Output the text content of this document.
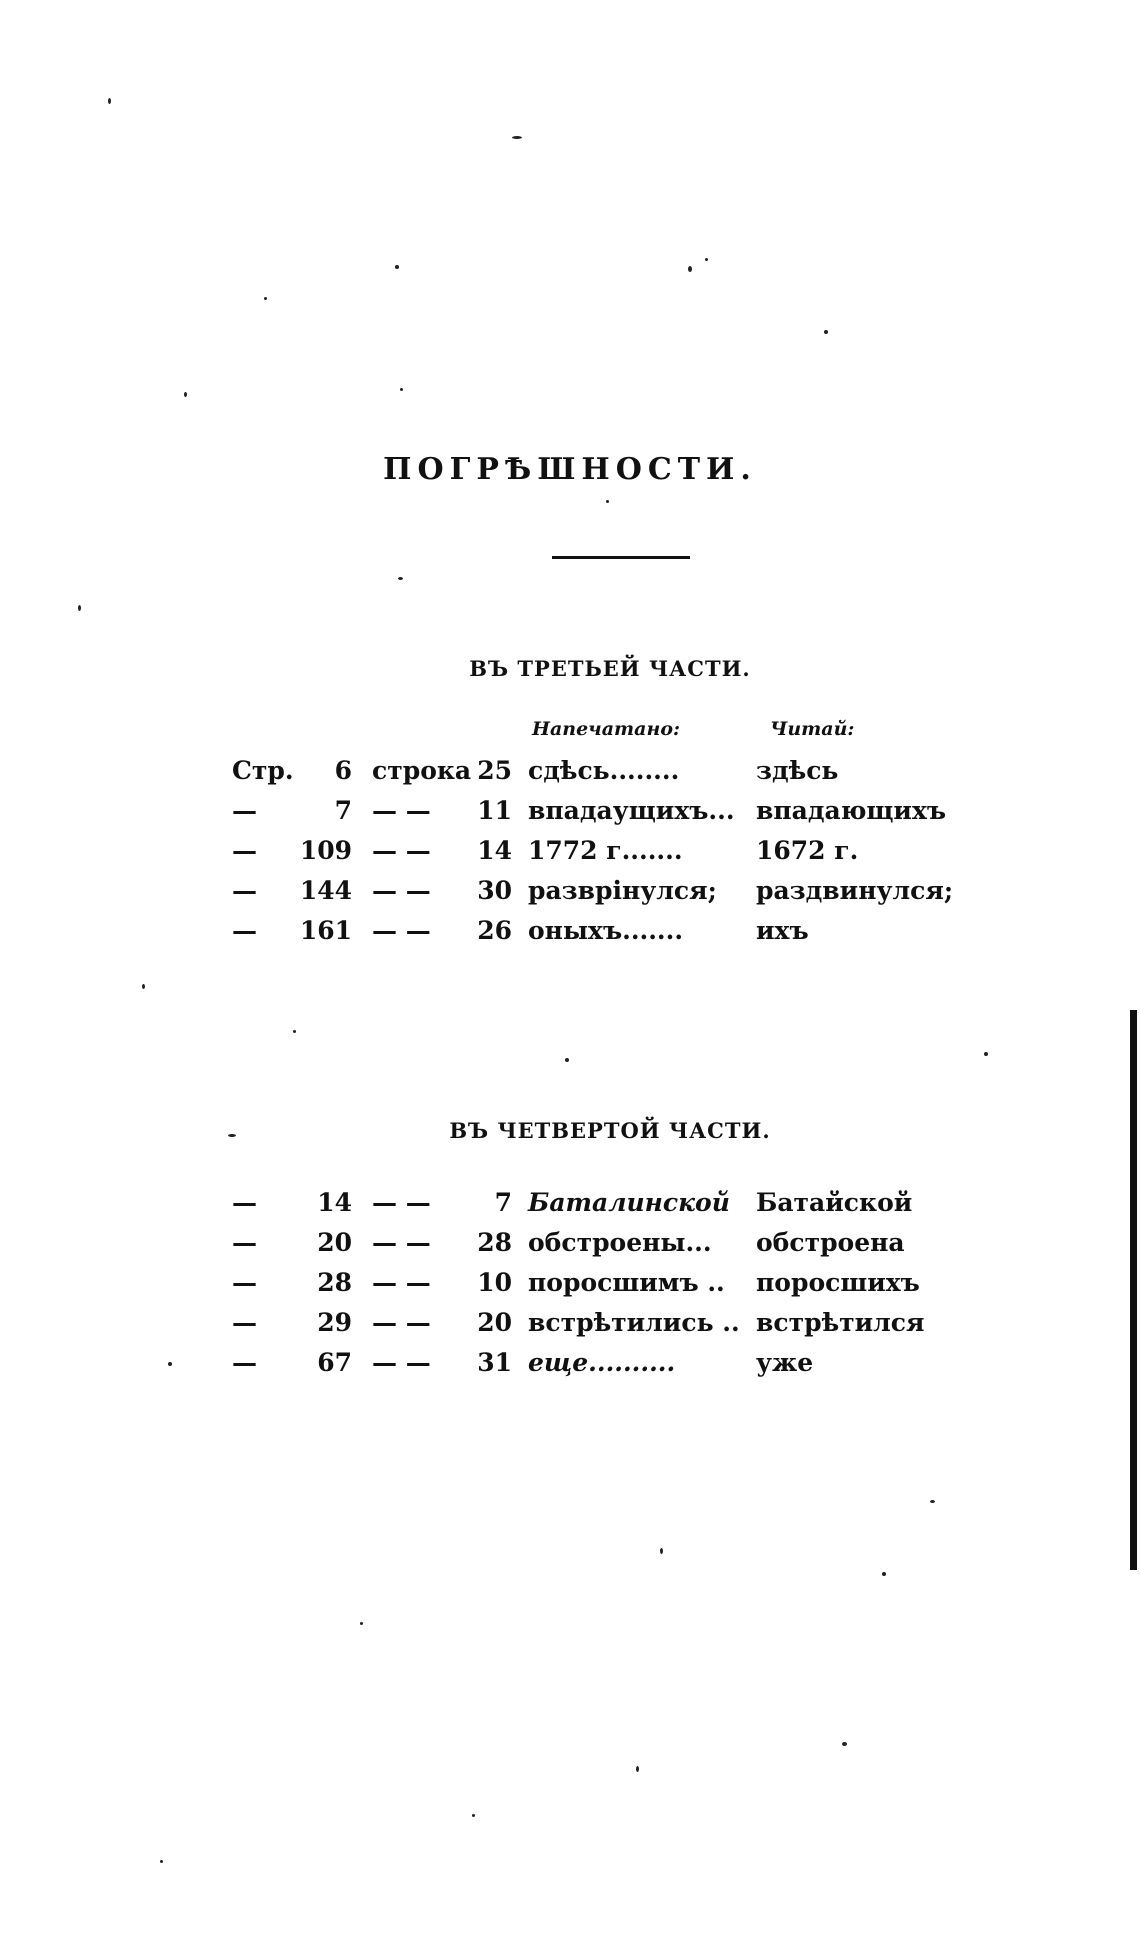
ПОГРѢШНОСТИ.
ВЪ ТРЕТЬЕЙ ЧАСТИ.
Напечатано:	Читай:
Стр.	6 строка 25 сдѣсь........	здѣсь
—	7 — —	11 впадаущихъ... впадающихъ
—	109 — —	14 1772 г.......	1672 г.
—	144 — —	30 разврінулся;	раздвинулся;
—	161 — —	26 оныхъ.......	ихъ
ВЪ ЧЕТВЕРТОЙ ЧАСТИ.
—	14 — —	7 Баталинской	Батайской
—	20 — —	28 обстроены...	обстроена
—	28 — —	10 поросшимъ ..	поросшихъ
—	29 — —	20 встрѣтились .. встрѣтился
—	67 — —	31 еще..........	уже
